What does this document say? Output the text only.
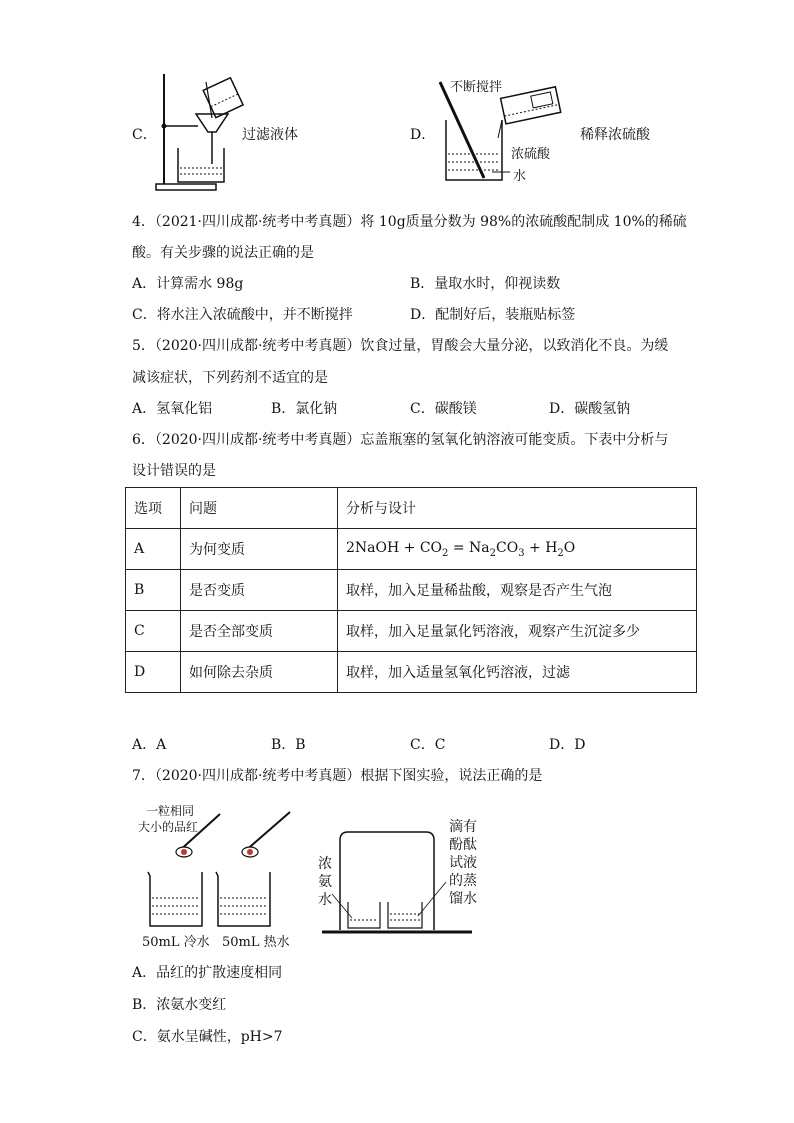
C．	过滤液体	D．
不断搅拌
浓硫酸
水
稀释浓硫酸
4．（2021·四川成都·统考中考真题）将 10g质量分数为 98%的浓硫酸配制成 10%的稀硫
酸。有关步骤的说法正确的是
A．计算需水 98g	B．量取水时，仰视读数
C．将水注入浓硫酸中，并不断搅拌	D．配制好后，装瓶贴标签
5．（2020·四川成都·统考中考真题）饮食过量，胃酸会大量分泌，以致消化不良。为缓
减该症状，下列药剂不适宜的是
A．氢氧化铝	B．氯化钠	C．碳酸镁	D．碳酸氢钠
6．（2020·四川成都·统考中考真题）忘盖瓶塞的氢氧化钠溶液可能变质。下表中分析与
设计错误的是
选项	问题	分析与设计
A	为何变质	2NaOH + $CO_2 = Na_2CO_3 + H_2O$
B	是否变质	取样，加入足量稀盐酸，观察是否产生气泡
C	是否全部变质	取样，加入足量氯化钙溶液，观察产生沉淀多少
D	如何除去杂质	取样，加入适量氢氧化钙溶液，过滤
A．A	B．B	C．C	D．D
7．（2020·四川成都·统考中考真题）根据下图实验，说法正确的是
一粒相同
大小的品红
50mL 冷水 50mL 热水
浓
氨
水
滴有
酚酞
试液
的蒸
馏水
A．品红的扩散速度相同
B．浓氨水变红
C．氨水呈碱性，pH>7
